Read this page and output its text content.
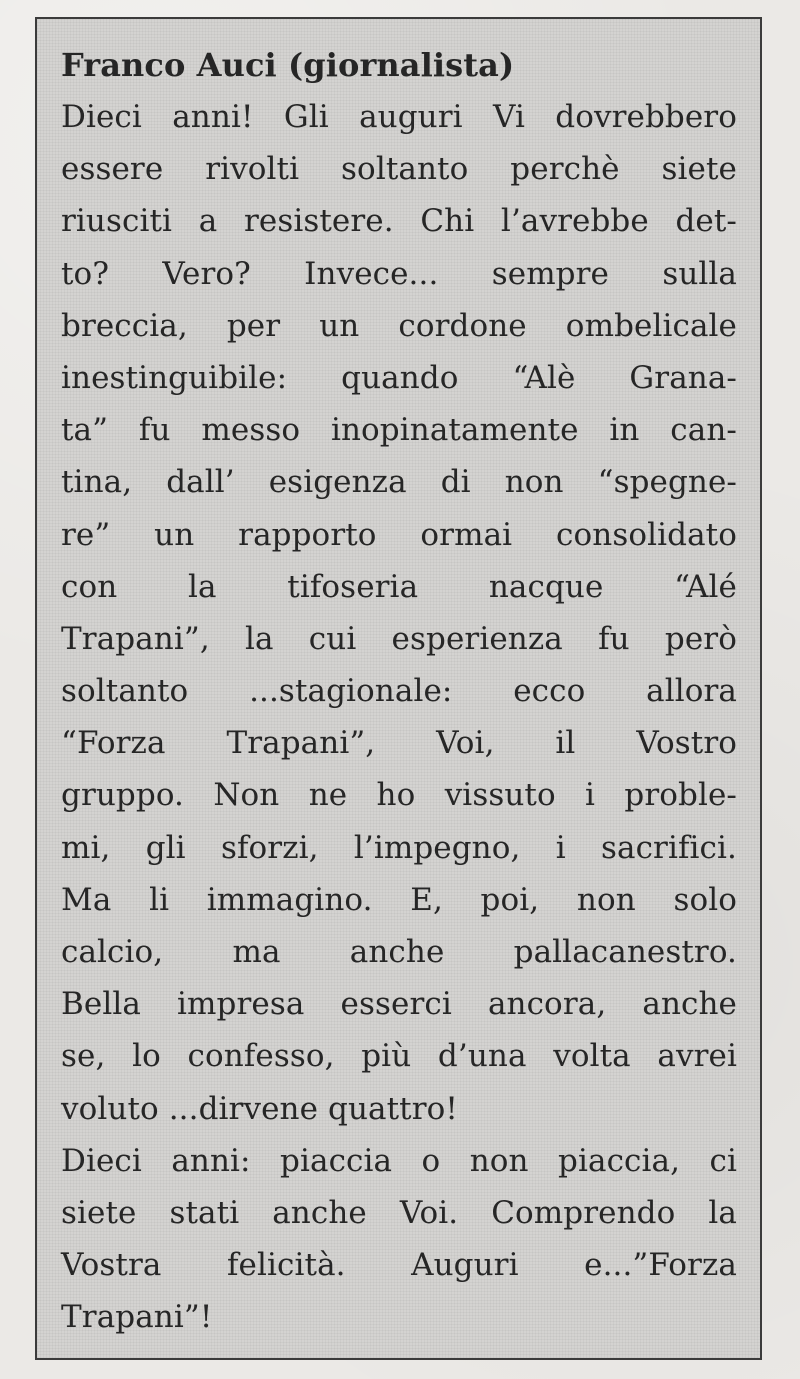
Franco Auci (giornalista)
Dieci anni! Gli auguri Vi dovrebbero
essere rivolti soltanto perchè siete
riusciti a resistere. Chi l’avrebbe det-
to? Vero? Invece... sempre sulla
breccia, per un cordone ombelicale
inestinguibile: quando “Alè Grana-
ta” fu messo inopinatamente in can-
tina, dall’ esigenza di non “spegne-
re” un rapporto ormai consolidato
con la tifoseria nacque “Alé
Trapani”, la cui esperienza fu però
soltanto ...stagionale: ecco allora
“Forza Trapani”, Voi, il Vostro
gruppo. Non ne ho vissuto i proble-
mi, gli sforzi, l’impegno, i sacrifici.
Ma li immagino. E, poi, non solo
calcio, ma anche pallacanestro.
Bella impresa esserci ancora, anche
se, lo confesso, più d’una volta avrei
voluto ...dirvene quattro!
Dieci anni: piaccia o non piaccia, ci
siete stati anche Voi. Comprendo la
Vostra felicità. Auguri e...”Forza
Trapani”!
